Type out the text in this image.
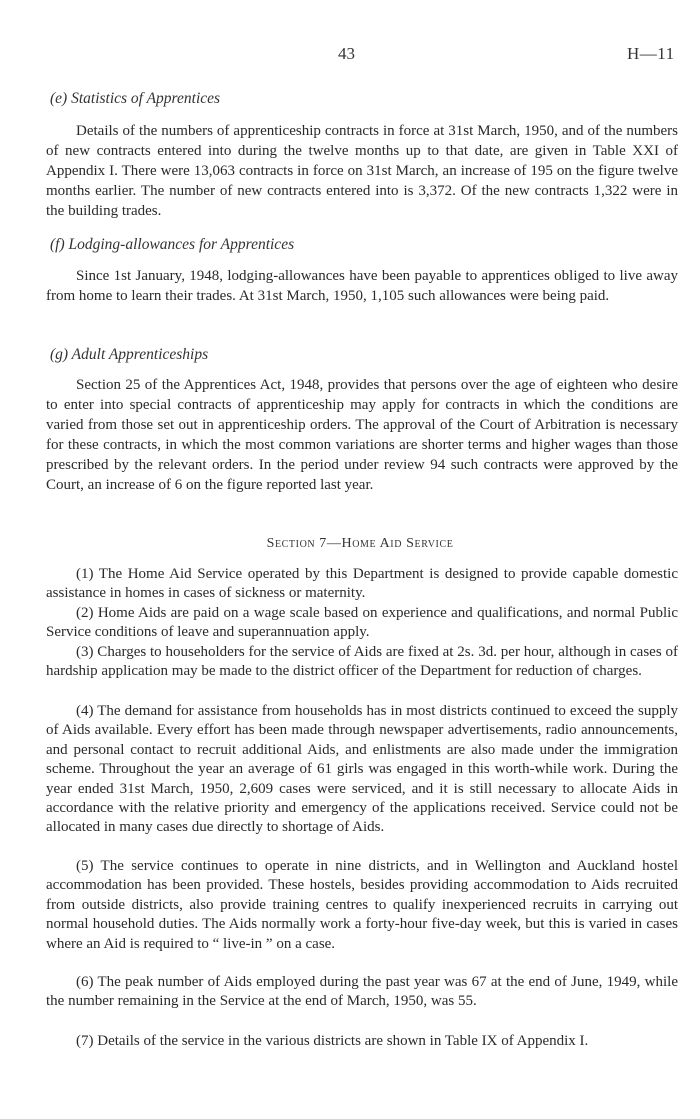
43	H—11
(e) Statistics of Apprentices

Details of the numbers of apprenticeship contracts in force at 31st March, 1950, and of the numbers of new contracts entered into during the twelve months up to that date, are given in Table XXI of Appendix I. There were 13,063 contracts in force on 31st March, an increase of 195 on the figure twelve months earlier. The number of new contracts entered into is 3,372. Of the new contracts 1,322 were in the building trades.

(f) Lodging-allowances for Apprentices

Since 1st January, 1948, lodging-allowances have been payable to apprentices obliged to live away from home to learn their trades. At 31st March, 1950, 1,105 such allowances were being paid.

(g) Adult Apprenticeships

Section 25 of the Apprentices Act, 1948, provides that persons over the age of eighteen who desire to enter into special contracts of apprenticeship may apply for contracts in which the conditions are varied from those set out in apprenticeship orders. The approval of the Court of Arbitration is necessary for these contracts, in which the most common variations are shorter terms and higher wages than those prescribed by the relevant orders. In the period under review 94 such contracts were approved by the Court, an increase of 6 on the figure reported last year.

Section 7—Home Aid Service

(1) The Home Aid Service operated by this Department is designed to provide capable domestic assistance in homes in cases of sickness or maternity.

(2) Home Aids are paid on a wage scale based on experience and qualifications, and normal Public Service conditions of leave and superannuation apply.

(3) Charges to householders for the service of Aids are fixed at 2s. 3d. per hour, although in cases of hardship application may be made to the district officer of the Department for reduction of charges.

(4) The demand for assistance from households has in most districts continued to exceed the supply of Aids available. Every effort has been made through newspaper advertisements, radio announcements, and personal contact to recruit additional Aids, and enlistments are also made under the immigration scheme. Throughout the year an average of 61 girls was engaged in this worth-while work. During the year ended 31st March, 1950, 2,609 cases were serviced, and it is still necessary to allocate Aids in accordance with the relative priority and emergency of the applications received. Service could not be allocated in many cases due directly to shortage of Aids.

(5) The service continues to operate in nine districts, and in Wellington and Auckland hostel accommodation has been provided. These hostels, besides providing accommodation to Aids recruited from outside districts, also provide training centres to qualify inexperienced recruits in carrying out normal household duties. The Aids normally work a forty-hour five-day week, but this is varied in cases where an Aid is required to “ live-in ” on a case.

(6) The peak number of Aids employed during the past year was 67 at the end of June, 1949, while the number remaining in the Service at the end of March, 1950, was 55.

(7) Details of the service in the various districts are shown in Table IX of Appendix I.
